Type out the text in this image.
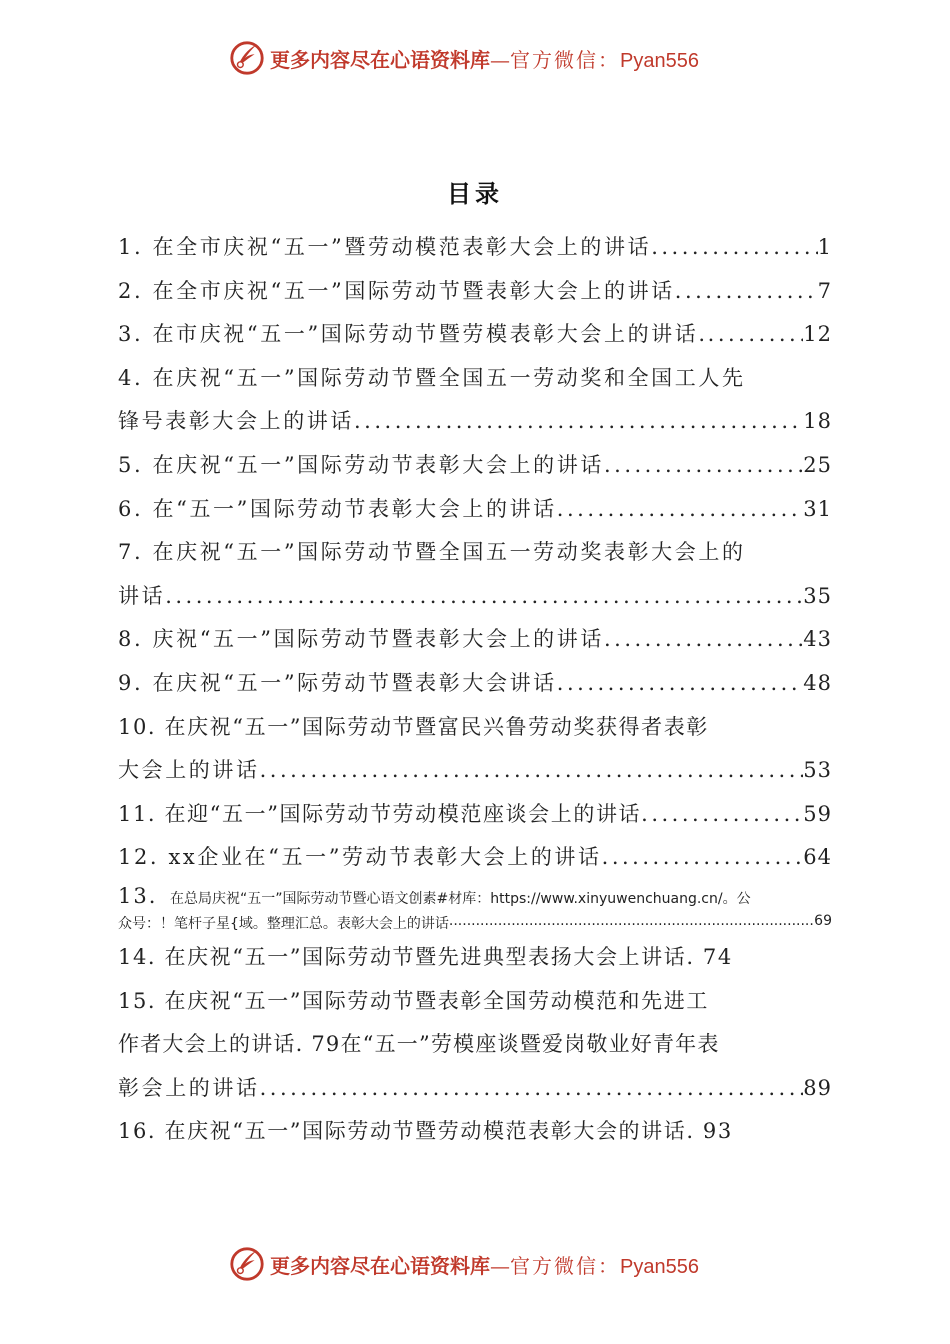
更多内容尽在心语资料库—官方微信：Pyan556
目录
1. 在全市庆祝“五一”暨劳动模范表彰大会上的讲话 .....	1
2. 在全市庆祝“五一”国际劳动节暨表彰大会上的讲话 .....	7
3. 在市庆祝“五一”国际劳动节暨劳模表彰大会上的讲话. .....	12
4. 在庆祝“五一”国际劳动节暨全国五一劳动奖和全国工人先
锋号表彰大会上的讲话 .....	18
5. 在庆祝“五一”国际劳动节表彰大会上的讲话 .....	25
6. 在“五一”国际劳动节表彰大会上的讲话 .....	31
7. 在庆祝“五一”国际劳动节暨全国五一劳动奖表彰大会上的
讲话 .....	35
8. 庆祝“五一”国际劳动节暨表彰大会上的讲话 .....	43
9. 在庆祝“五一”际劳动节暨表彰大会讲话 .....	48
10. 在庆祝“五一”国际劳动节暨富民兴鲁劳动奖获得者表彰
大会上的讲话 .....	53
11. 在迎“五一”国际劳动节劳动模范座谈会上的讲话 .....	59
12. xx企业在“五一”劳动节表彰大会上的讲话 .....	64
13. 在总局庆祝“五一”国际劳动节暨心语文创素#材库：https://www.xinyuwenchuang.cn/。公
众号：！笔杆子星{域。整理汇总。表彰大会上的讲话 .....	69
14. 在庆祝“五一”国际劳动节暨先进典型表扬大会上讲话. 74
15. 在庆祝“五一”国际劳动节暨表彰全国劳动模范和先进工
作者大会上的讲话. 79在“五一”劳模座谈暨爱岗敬业好青年表
彰会上的讲话 .....	89
16. 在庆祝“五一”国际劳动节暨劳动模范表彰大会的讲话. 93
更多内容尽在心语资料库—官方微信：Pyan556
